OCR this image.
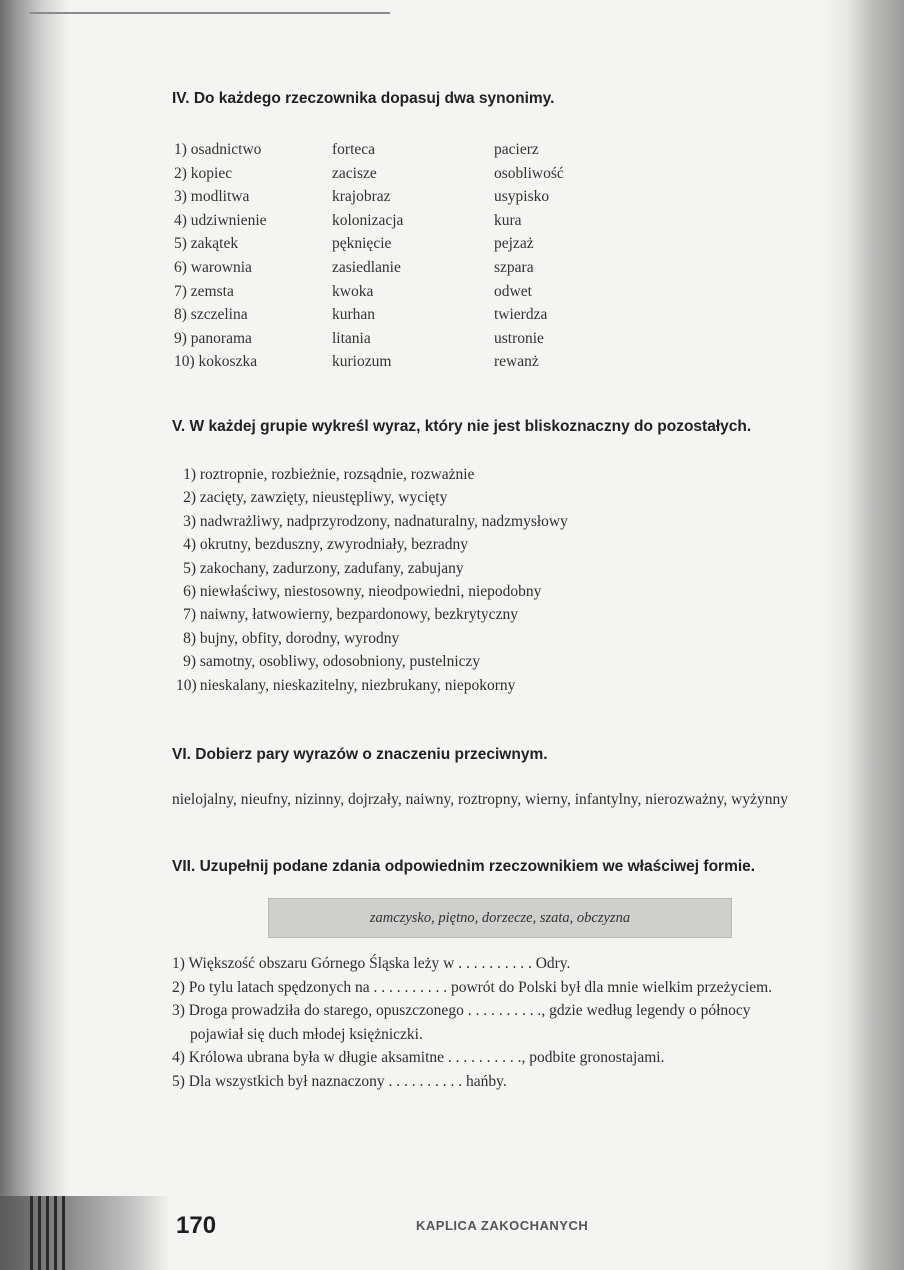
IV. Do każdego rzeczownika dopasuj dwa synonimy.
1) osadnictwo
2) kopiec
3) modlitwa
4) udziwnienie
5) zakątek
6) warownia
7) zemsta
8) szczelina
9) panorama
10) kokoszka
forteca
zacisze
krajobraz
kolonizacja
pęknięcie
zasiedlanie
kwoka
kurhan
litania
kuriozum
pacierz
osobliwość
usypisko
kura
pejzaż
szpara
odwet
twierdza
ustronie
rewanż
V. W każdej grupie wykreśl wyraz, który nie jest bliskoznaczny do pozostałych.
1) roztropnie, rozbieżnie, rozsądnie, rozważnie
2) zacięty, zawzięty, nieustępliwy, wycięty
3) nadwrażliwy, nadprzyrodzony, nadnaturalny, nadzmysłowy
4) okrutny, bezduszny, zwyrodniały, bezradny
5) zakochany, zadurzony, zadufany, zabujany
6) niewłaściwy, niestosowny, nieodpowiedni, niepodobny
7) naiwny, łatwowierny, bezpardonowy, bezkrytyczny
8) bujny, obfity, dorodny, wyrodny
9) samotny, osobliwy, odosobniony, pustelniczy
10) nieskalany, nieskazitelny, niezbrukany, niepokorny
VI. Dobierz pary wyrazów o znaczeniu przeciwnym.
nielojalny, nieufny, nizinny, dojrzały, naiwny, roztropny, wierny, infantylny, nierozważny, wyżynny
VII. Uzupełnij podane zdania odpowiednim rzeczownikiem we właściwej formie.
zamczysko, piętno, dorzecze, szata, obczyzna
1) Większość obszaru Górnego Śląska leży w . . . . . . . . . . Odry.
2) Po tylu latach spędzonych na . . . . . . . . . . powrót do Polski był dla mnie wielkim przeżyciem.
3) Droga prowadziła do starego, opuszczonego . . . . . . . . . ., gdzie według legendy o północy
pojawiał się duch młodej księżniczki.
4) Królowa ubrana była w długie aksamitne . . . . . . . . . ., podbite gronostajami.
5) Dla wszystkich był naznaczony . . . . . . . . . . hańby.
170	KAPLICA ZAKOCHANYCH
